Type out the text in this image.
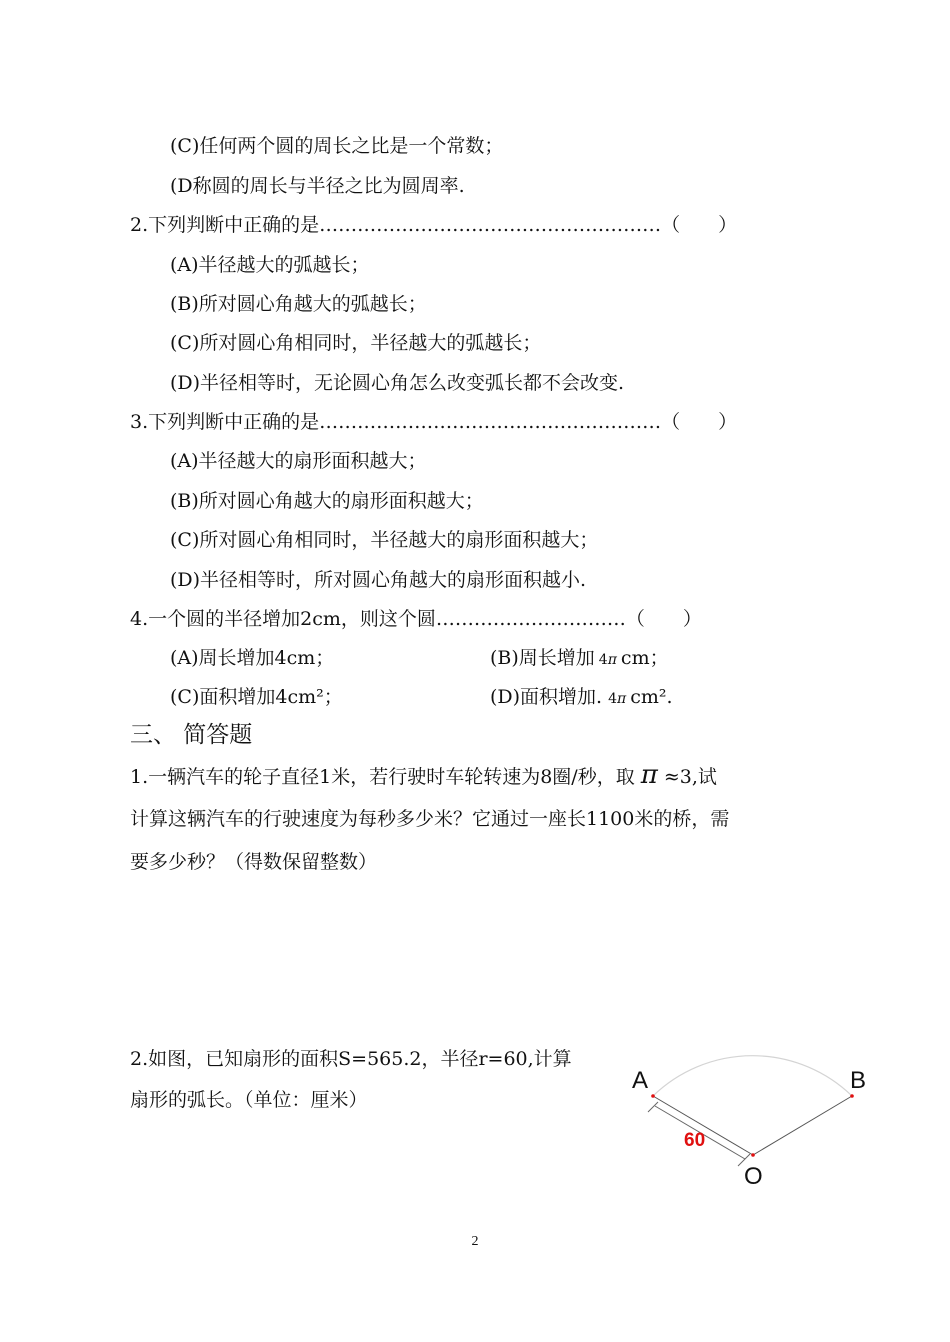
(C)任何两个圆的周长之比是一个常数；
(D称圆的周长与半径之比为圆周率.
2.下列判断中正确的是………………………………………………（　　）
(A)半径越大的弧越长；
(B)所对圆心角越大的弧越长；
(C)所对圆心角相同时，半径越大的弧越长；
(D)半径相等时，无论圆心角怎么改变弧长都不会改变.
3.下列判断中正确的是………………………………………………（　　）
(A)半径越大的扇形面积越大；
(B)所对圆心角越大的扇形面积越大；
(C)所对圆心角相同时，半径越大的扇形面积越大；
(D)半径相等时，所对圆心角越大的扇形面积越小.
4.一个圆的半径增加2cm，则这个圆…………………………（　　）
(A)周长增加4cm；	(B)周长增加 4π cm；
(C)面积增加4cm²；	(D)面积增加. 4π cm².
三、 简答题
1.一辆汽车的轮子直径1米，若行驶时车轮转速为8圈/秒，取 π ≈3,试
计算这辆汽车的行驶速度为每秒多少米？它通过一座长1100米的桥，需
要多少秒？（得数保留整数）
2.如图，已知扇形的面积S=565.2，半径r=60,计算
扇形的弧长。（单位：厘米）
A	B
O
60
2
